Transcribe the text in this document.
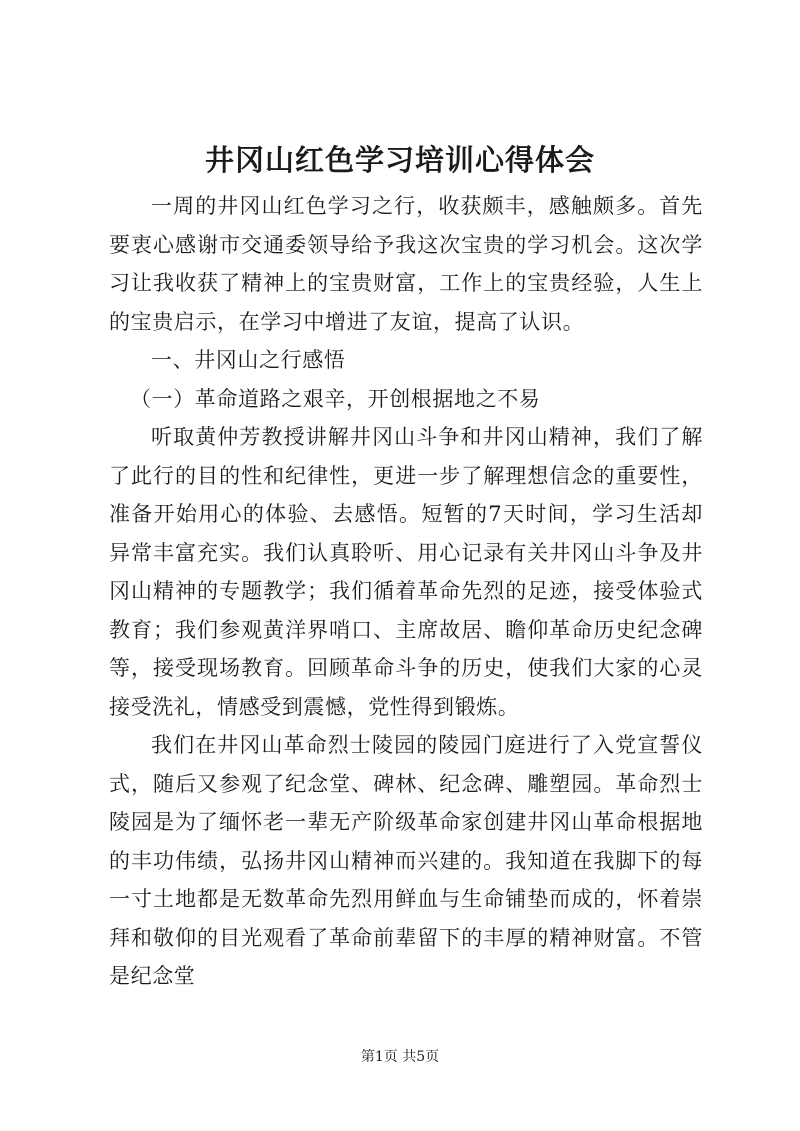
井冈山红色学习培训心得体会

一周的井冈山红色学习之行，收获颇丰，感触颇多。首先要衷心感谢市交通委领导给予我这次宝贵的学习机会。这次学习让我收获了精神上的宝贵财富，工作上的宝贵经验，人生上的宝贵启示，在学习中增进了友谊，提高了认识。

一、井冈山之行感悟

（一）革命道路之艰辛，开创根据地之不易

听取黄仲芳教授讲解井冈山斗争和井冈山精神，我们了解了此行的目的性和纪律性，更进一步了解理想信念的重要性，准备开始用心的体验、去感悟。短暂的7天时间，学习生活却异常丰富充实。我们认真聆听、用心记录有关井冈山斗争及井冈山精神的专题教学；我们循着革命先烈的足迹，接受体验式教育；我们参观黄洋界哨口、主席故居、瞻仰革命历史纪念碑等，接受现场教育。回顾革命斗争的历史，使我们大家的心灵接受洗礼，情感受到震憾，党性得到锻炼。

我们在井冈山革命烈士陵园的陵园门庭进行了入党宣誓仪式，随后又参观了纪念堂、碑林、纪念碑、雕塑园。革命烈士陵园是为了缅怀老一辈无产阶级革命家创建井冈山革命根据地的丰功伟绩，弘扬井冈山精神而兴建的。我知道在我脚下的每一寸土地都是无数革命先烈用鲜血与生命铺垫而成的，怀着崇拜和敬仰的目光观看了革命前辈留下的丰厚的精神财富。不管是纪念堂

第1页 共5页
